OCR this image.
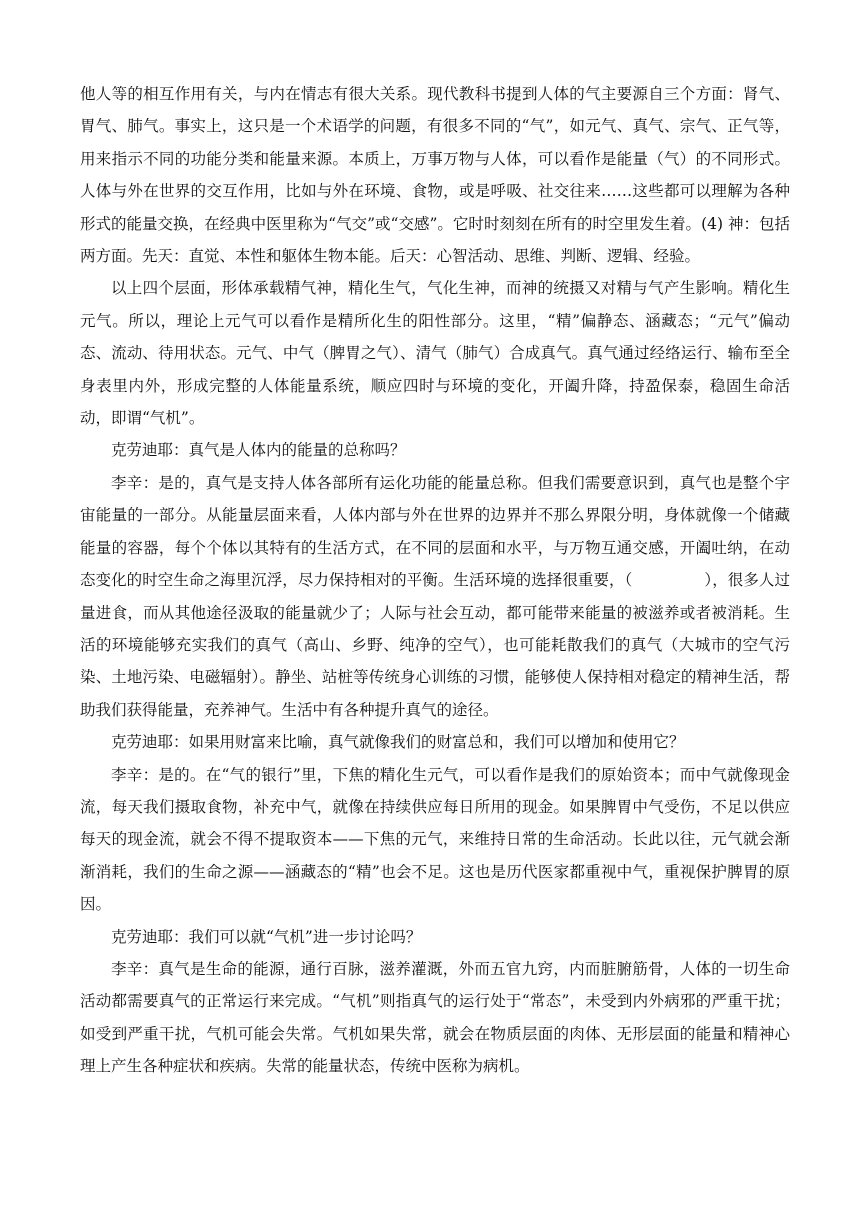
他人等的相互作用有关，与内在情志有很大关系。现代教科书提到人体的气主要源自三个方面：肾气、胃气、肺气。事实上，这只是一个术语学的问题，有很多不同的“气”，如元气、真气、宗气、正气等，用来指示不同的功能分类和能量来源。本质上，万事万物与人体，可以看作是能量（气）的不同形式。人体与外在世界的交互作用，比如与外在环境、食物，或是呼吸、社交往来……这些都可以理解为各种形式的能量交换，在经典中医里称为“气交”或“交感”。它时时刻刻在所有的时空里发生着。(4) 神：包括两方面。先天：直觉、本性和躯体生物本能。后天：心智活动、思维、判断、逻辑、经验。

以上四个层面，形体承载精气神，精化生气，气化生神，而神的统摄又对精与气产生影响。精化生元气。所以，理论上元气可以看作是精所化生的阳性部分。这里，“精”偏静态、涵藏态；“元气”偏动态、流动、待用状态。元气、中气（脾胃之气）、清气（肺气）合成真气。真气通过经络运行、输布至全身表里内外，形成完整的人体能量系统，顺应四时与环境的变化，开阖升降，持盈保泰，稳固生命活动，即谓“气机”。

克劳迪耶：真气是人体内的能量的总称吗？

李辛：是的，真气是支持人体各部所有运化功能的能量总称。但我们需要意识到，真气也是整个宇宙能量的一部分。从能量层面来看，人体内部与外在世界的边界并不那么界限分明，身体就像一个储藏能量的容器，每个个体以其特有的生活方式，在不同的层面和水平，与万物互通交感，开阖吐纳，在动态变化的时空生命之海里沉浮，尽力保持相对的平衡。生活环境的选择很重要，（	），很多人过量进食，而从其他途径汲取的能量就少了；人际与社会互动，都可能带来能量的被滋养或者被消耗。生活的环境能够充实我们的真气（高山、乡野、纯净的空气），也可能耗散我们的真气（大城市的空气污染、土地污染、电磁辐射）。静坐、站桩等传统身心训练的习惯，能够使人保持相对稳定的精神生活，帮助我们获得能量，充养神气。生活中有各种提升真气的途径。

克劳迪耶：如果用财富来比喻，真气就像我们的财富总和，我们可以增加和使用它？

李辛：是的。在“气的银行”里，下焦的精化生元气，可以看作是我们的原始资本；而中气就像现金流，每天我们摄取食物，补充中气，就像在持续供应每日所用的现金。如果脾胃中气受伤，不足以供应每天的现金流，就会不得不提取资本——下焦的元气，来维持日常的生命活动。长此以往，元气就会渐渐消耗，我们的生命之源——涵藏态的“精”也会不足。这也是历代医家都重视中气，重视保护脾胃的原因。

克劳迪耶：我们可以就“气机”进一步讨论吗？

李辛：真气是生命的能源，通行百脉，滋养灌溉，外而五官九窍，内而脏腑筋骨，人体的一切生命活动都需要真气的正常运行来完成。“气机”则指真气的运行处于“常态”，未受到内外病邪的严重干扰；如受到严重干扰，气机可能会失常。气机如果失常，就会在物质层面的肉体、无形层面的能量和精神心理上产生各种症状和疾病。失常的能量状态，传统中医称为病机。
